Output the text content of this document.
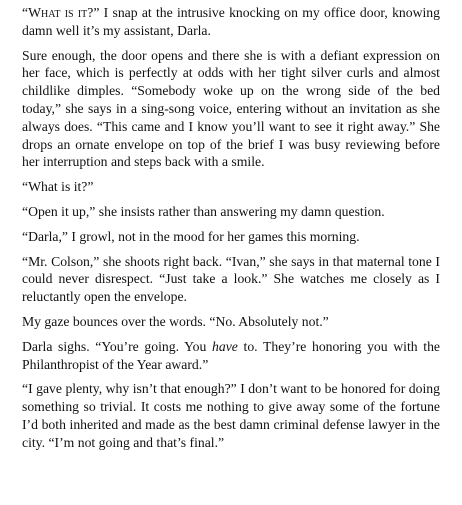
“What is it?” I snap at the intrusive knocking on my office door, knowing damn well it’s my assistant, Darla.

Sure enough, the door opens and there she is with a defiant expression on her face, which is perfectly at odds with her tight silver curls and almost childlike dimples. “Somebody woke up on the wrong side of the bed today,” she says in a sing-song voice, entering without an invitation as she always does. “This came and I know you’ll want to see it right away.” She drops an ornate envelope on top of the brief I was busy reviewing before her interruption and steps back with a smile.

“What is it?”

“Open it up,” she insists rather than answering my damn question.

“Darla,” I growl, not in the mood for her games this morning.

“Mr. Colson,” she shoots right back. “Ivan,” she says in that maternal tone I could never disrespect. “Just take a look.” She watches me closely as I reluctantly open the envelope.

My gaze bounces over the words. “No. Absolutely not.”

Darla sighs. “You’re going. You have to. They’re honoring you with the Philanthropist of the Year award.”

“I gave plenty, why isn’t that enough?” I don’t want to be honored for doing something so trivial. It costs me nothing to give away some of the fortune I’d both inherited and made as the best damn criminal defense lawyer in the city. “I’m not going and that’s final.”
